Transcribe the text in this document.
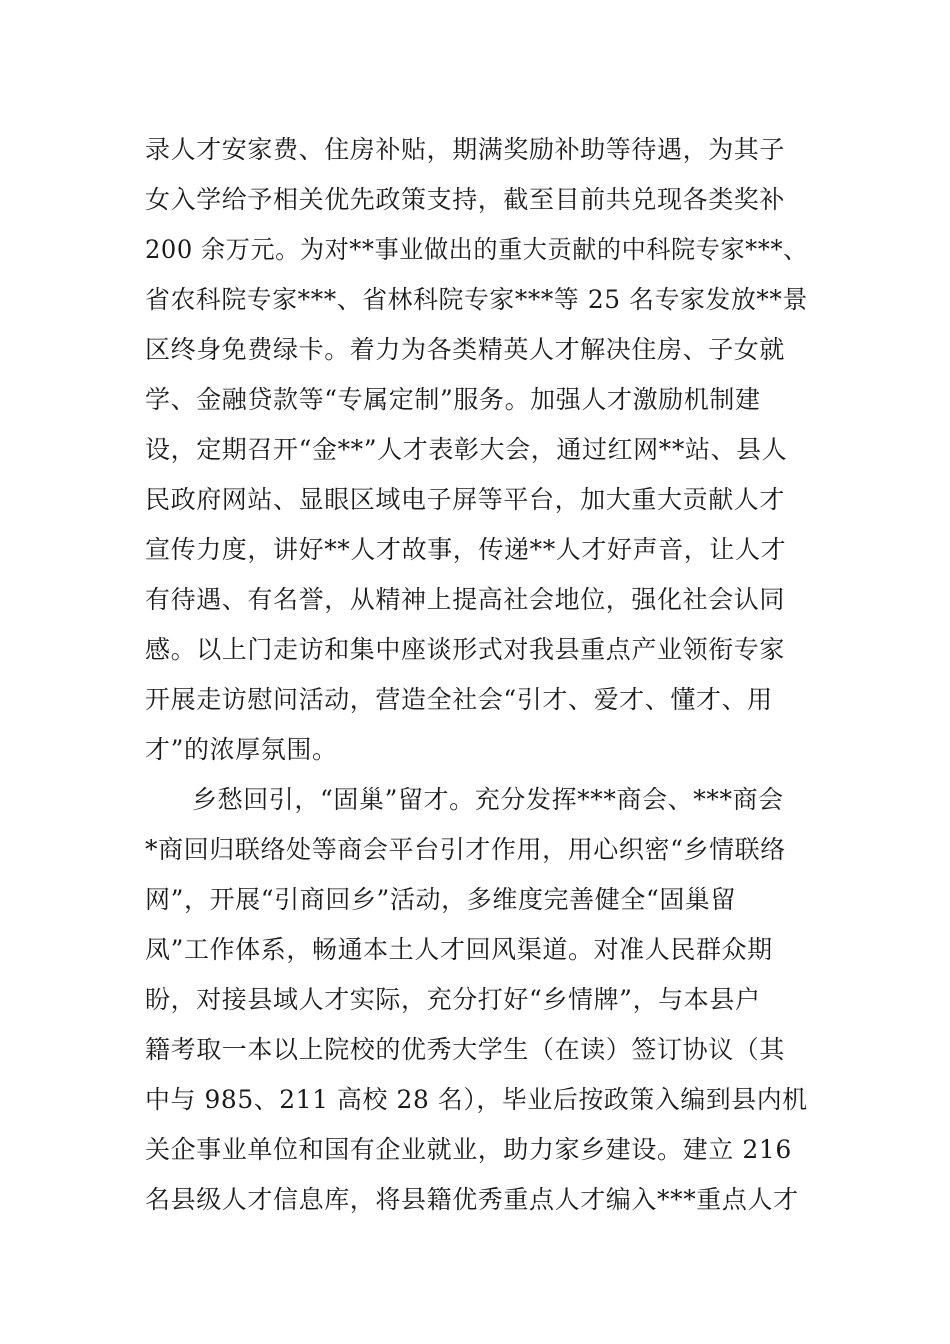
录人才安家费、住房补贴，期满奖励补助等待遇，为其子
女入学给予相关优先政策支持，截至目前共兑现各类奖补
200 余万元。为对**事业做出的重大贡献的中科院专家***、
省农科院专家***、省林科院专家***等 25 名专家发放**景
区终身免费绿卡。着力为各类精英人才解决住房、子女就
学、金融贷款等“专属定制”服务。加强人才激励机制建
设，定期召开“金**”人才表彰大会，通过红网**站、县人
民政府网站、显眼区域电子屏等平台，加大重大贡献人才
宣传力度，讲好**人才故事，传递**人才好声音，让人才
有待遇、有名誉，从精神上提高社会地位，强化社会认同
感。以上门走访和集中座谈形式对我县重点产业领衔专家
开展走访慰问活动，营造全社会“引才、爱才、懂才、用
才”的浓厚氛围。
乡愁回引，“固巢”留才。充分发挥***商会、***商会
*商回归联络处等商会平台引才作用，用心织密“乡情联络
网”，开展“引商回乡”活动，多维度完善健全“固巢留
凤”工作体系，畅通本土人才回风渠道。对准人民群众期
盼，对接县域人才实际，充分打好“乡情牌”，与本县户
籍考取一本以上院校的优秀大学生（在读）签订协议（其
中与 985、211 高校 28 名），毕业后按政策入编到县内机
关企事业单位和国有企业就业，助力家乡建设。建立 216
名县级人才信息库，将县籍优秀重点人才编入***重点人才
